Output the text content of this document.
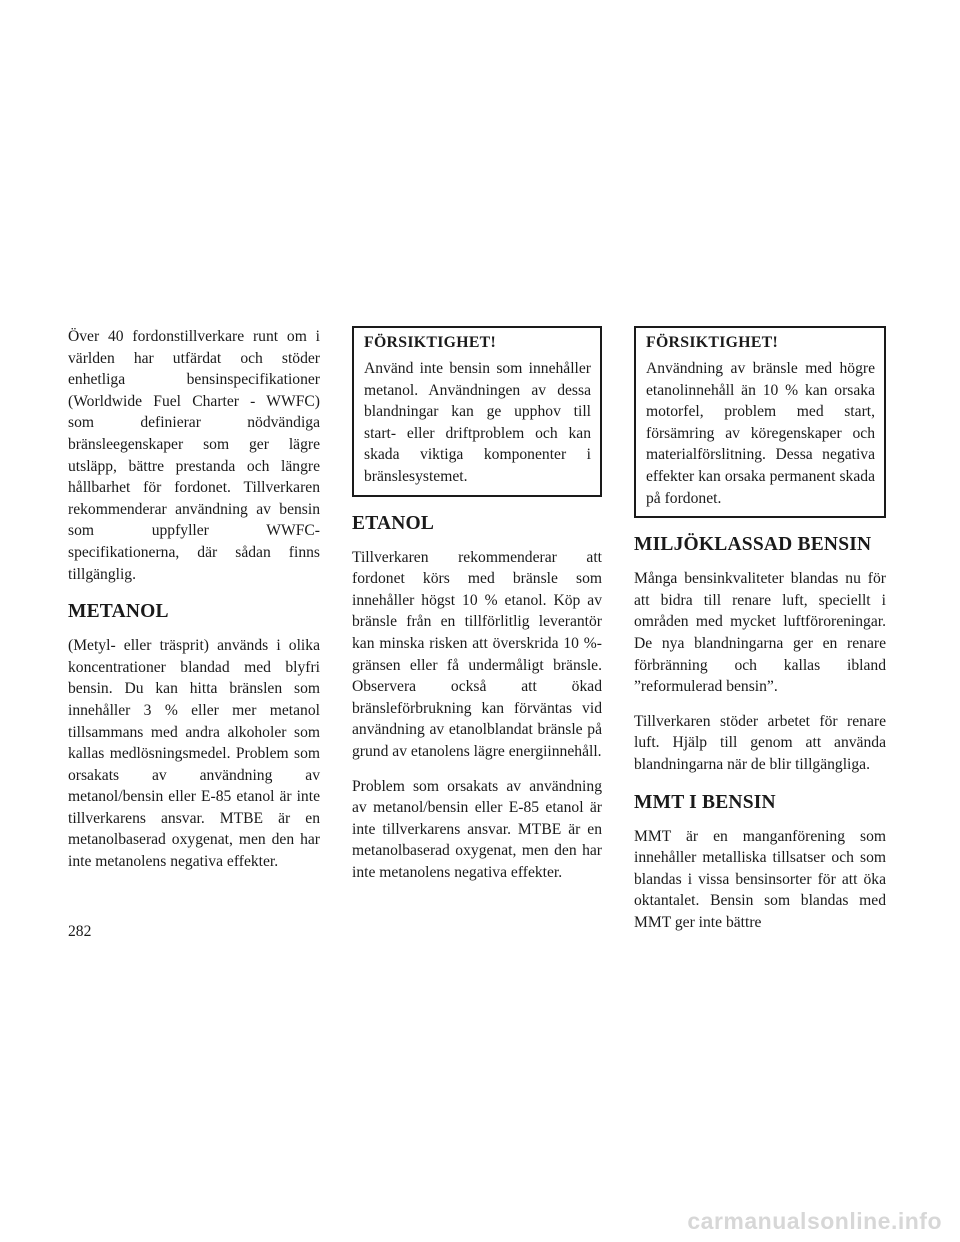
Över 40 fordonstillverkare runt om i världen har utfärdat och stöder enhetliga bensinspecifikationer (Worldwide Fuel Charter - WWFC) som definierar nödvändiga bränsleegenskaper som ger lägre utsläpp, bättre prestanda och längre hållbarhet för fordonet. Tillverkaren rekommenderar användning av bensin som uppfyller WWFC-specifikationerna, där sådan finns tillgänglig.

METANOL

(Metyl- eller träsprit) används i olika koncentrationer blandad med blyfri bensin. Du kan hitta bränslen som innehåller 3 % eller mer metanol tillsammans med andra alkoholer som kallas medlösningsmedel. Problem som orsakats av användning av metanol/bensin eller E-85 etanol är inte tillverkarens ansvar. MTBE är en metanolbaserad oxygenat, men den har inte metanolens negativa effekter.

FÖRSIKTIGHET!

Använd inte bensin som innehåller metanol. Användningen av dessa blandningar kan ge upphov till start- eller driftproblem och kan skada viktiga komponenter i bränslesystemet.

ETANOL

Tillverkaren rekommenderar att fordonet körs med bränsle som innehåller högst 10 % etanol. Köp av bränsle från en tillförlitlig leverantör kan minska risken att överskrida 10 %-gränsen eller få undermåligt bränsle. Observera också att ökad bränsleförbrukning kan förväntas vid användning av etanolblandat bränsle på grund av etanolens lägre energiinnehåll.

Problem som orsakats av användning av metanol/bensin eller E-85 etanol är inte tillverkarens ansvar. MTBE är en metanolbaserad oxygenat, men den har inte metanolens negativa effekter.

FÖRSIKTIGHET!

Användning av bränsle med högre etanolinnehåll än 10 % kan orsaka motorfel, problem med start, försämring av köregenskaper och materialförslitning. Dessa negativa effekter kan orsaka permanent skada på fordonet.

MILJÖKLASSAD BENSIN

Många bensinkvaliteter blandas nu för att bidra till renare luft, speciellt i områden med mycket luftföroreningar. De nya blandningarna ger en renare förbränning och kallas ibland ”reformulerad bensin”.

Tillverkaren stöder arbetet för renare luft. Hjälp till genom att använda blandningarna när de blir tillgängliga.

MMT I BENSIN

MMT är en manganförening som innehåller metalliska tillsatser och som blandas i vissa bensinsorter för att öka oktantalet. Bensin som blandas med MMT ger inte bättre

282
carmanualsonline.info
